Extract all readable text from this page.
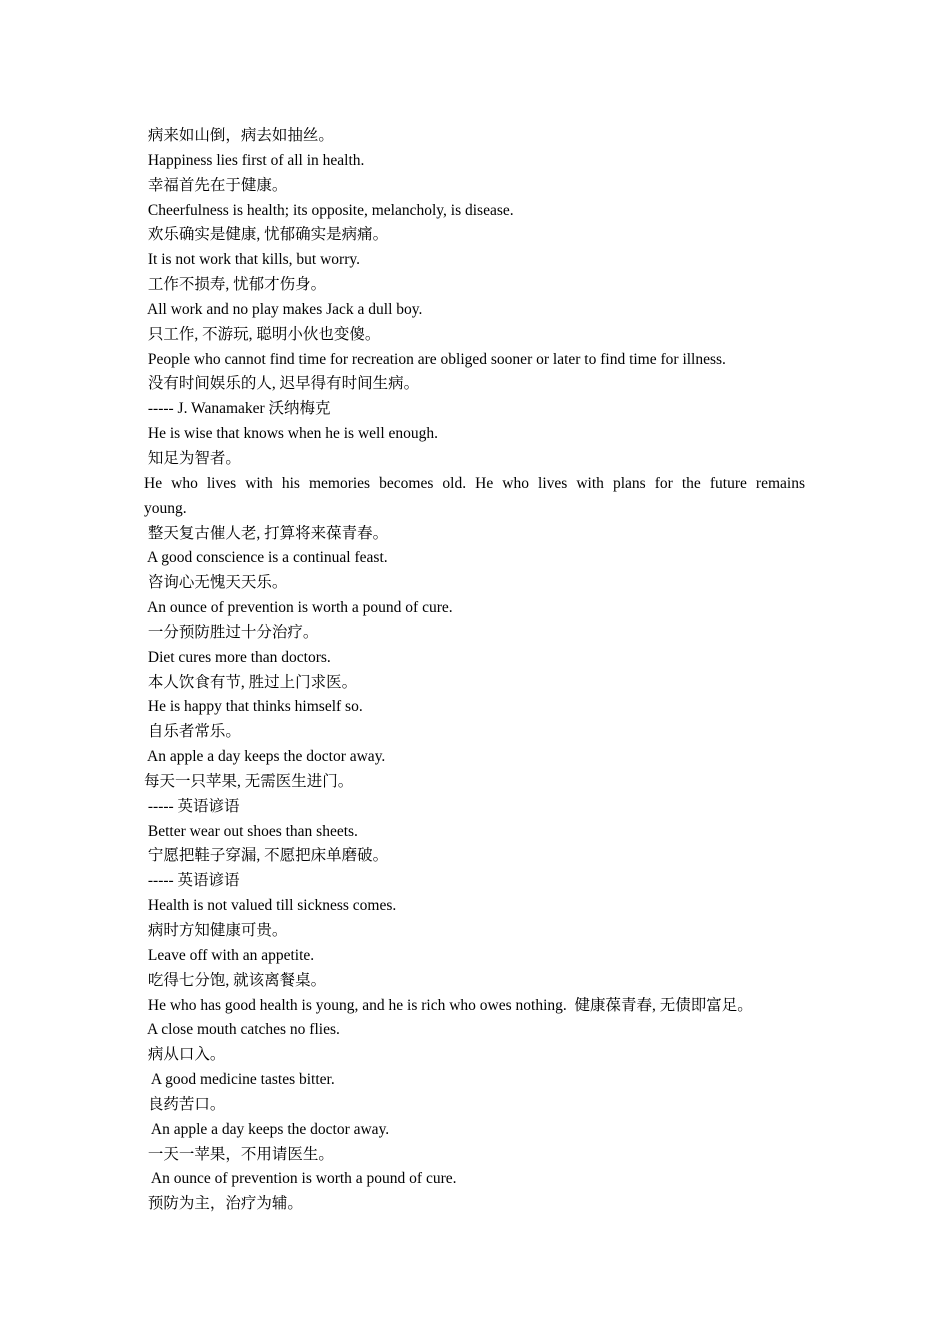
病来如山倒，病去如抽丝。
Happiness lies first of all in health.
幸福首先在于健康。
Cheerfulness is health; its opposite, melancholy, is disease.
欢乐确实是健康, 忧郁确实是病痛。
It is not work that kills, but worry.
工作不损寿, 忧郁才伤身。
All work and no play makes Jack a dull boy.
只工作, 不游玩, 聪明小伙也变傻。
People who cannot find time for recreation are obliged sooner or later to find time for illness.
没有时间娱乐的人, 迟早得有时间生病。
----- J. Wanamaker 沃纳梅克
He is wise that knows when he is well enough.
知足为智者。
He who lives with his memories becomes old. He who lives with plans for the future remains
young.
整天复古催人老, 打算将来葆青春。
A good conscience is a continual feast.
咨询心无愧天天乐。
An ounce of prevention is worth a pound of cure.
一分预防胜过十分治疗。
Diet cures more than doctors.
本人饮食有节, 胜过上门求医。
He is happy that thinks himself so.
自乐者常乐。
An apple a day keeps the doctor away.
每天一只苹果, 无需医生进门。
----- 英语谚语
Better wear out shoes than sheets.
宁愿把鞋子穿漏, 不愿把床单磨破。
----- 英语谚语
Health is not valued till sickness comes.
病时方知健康可贵。
Leave off with an appetite.
吃得七分饱, 就该离餐桌。
He who has good health is young, and he is rich who owes nothing.  健康葆青春, 无债即富足。
A close mouth catches no flies.
病从口入。
A good medicine tastes bitter.
良药苦口。
An apple a day keeps the doctor away.
一天一苹果，不用请医生。
An ounce of prevention is worth a pound of cure.
预防为主，治疗为辅。
